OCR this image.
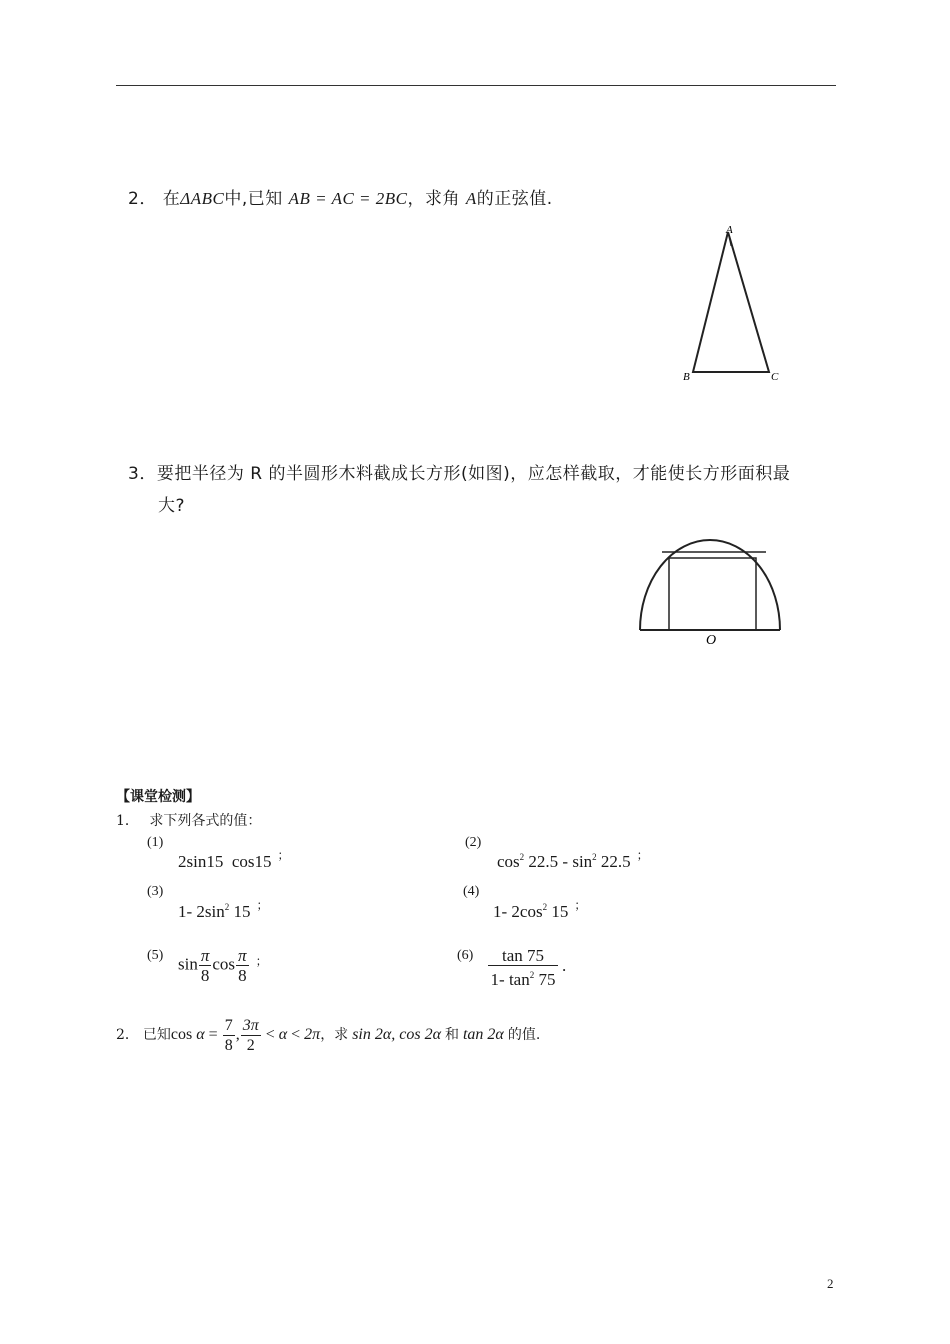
2． 在ΔABC中,已知 AB = AC = 2BC，求角 A的正弦值.
A
B	C
3．要把半径为 R 的半圆形木料截成长方形(如图)，应怎样截取，才能使长方形面积最
大?
O
【课堂检测】
1． 求下列各式的值：
(1)
2sin15 cos15 ；
(2)
$\cos^2 22.5 - \sin^2 22.5$ ；
(3)
1- $2\sin^2$ 15 ；
(4)
1- $2\cos^2$ 15 ；
(5) $\sin \frac{\pi}{8}$ $\cos \frac{\pi}{8} ^;$	$(6) \frac{\tan 75}{1- \tan^2 75}$ .
2． 已知$\cos \alpha = \frac{7}{8}$ , $\frac{3\pi}{2} < \alpha < 2\pi$，求 sin 2α, cos 2α 和 tan 2α 的值.
2
